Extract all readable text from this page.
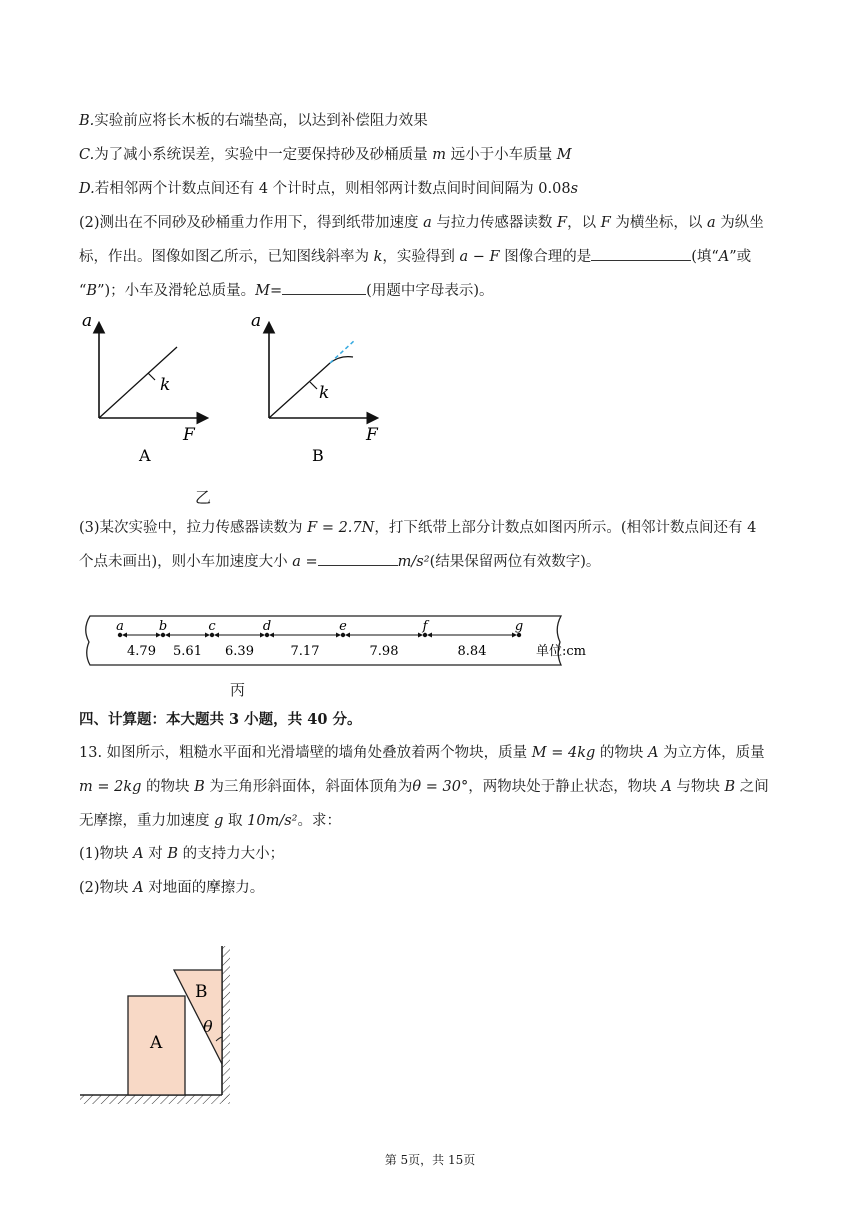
B.实验前应将长木板的右端垫高，以达到补偿阻力效果
C.为了减小系统误差，实验中一定要保持砂及砂桶质量 m 远小于小车质量 M
D.若相邻两个计数点间还有 4 个计时点，则相邻两计数点间时间间隔为 0.08s
(2)测出在不同砂及砂桶重力作用下，得到纸带加速度 a 与拉力传感器读数 F，以 F 为横坐标，以 a 为纵坐
标，作出。图像如图乙所示，已知图线斜率为 k，实验得到 a − F 图像合理的是	(填“A”或
“B”)；小车及滑轮总质量。M=	(用题中字母表示)。
a
F
k
A
a
F
k
B
乙
(3)某次实验中，拉力传感器读数为 F = 2.7N，打下纸带上部分计数点如图丙所示。(相邻计数点间还有 4
个点未画出)，则小车加速度大小 a =	m/s²(结果保留两位有效数字)。
4.79 5.61 6.39	7.17	7.98	8.84
a	b	c	d	e	f	g
单位:cm
丙
四、计算题：本大题共 3 小题，共 40 分。
13. 如图所示，粗糙水平面和光滑墙壁的墙角处叠放着两个物块，质量 M = 4kg 的物块 A 为立方体，质量
m = 2kg 的物块 B 为三角形斜面体，斜面体顶角为θ = 30°，两物块处于静止状态，物块 A 与物块 B 之间
无摩擦，重力加速度 g 取 10m/s²。求：
(1)物块 A 对 B 的支持力大小；
(2)物块 A 对地面的摩擦力。
A
B
θ
第 5页，共 15页
